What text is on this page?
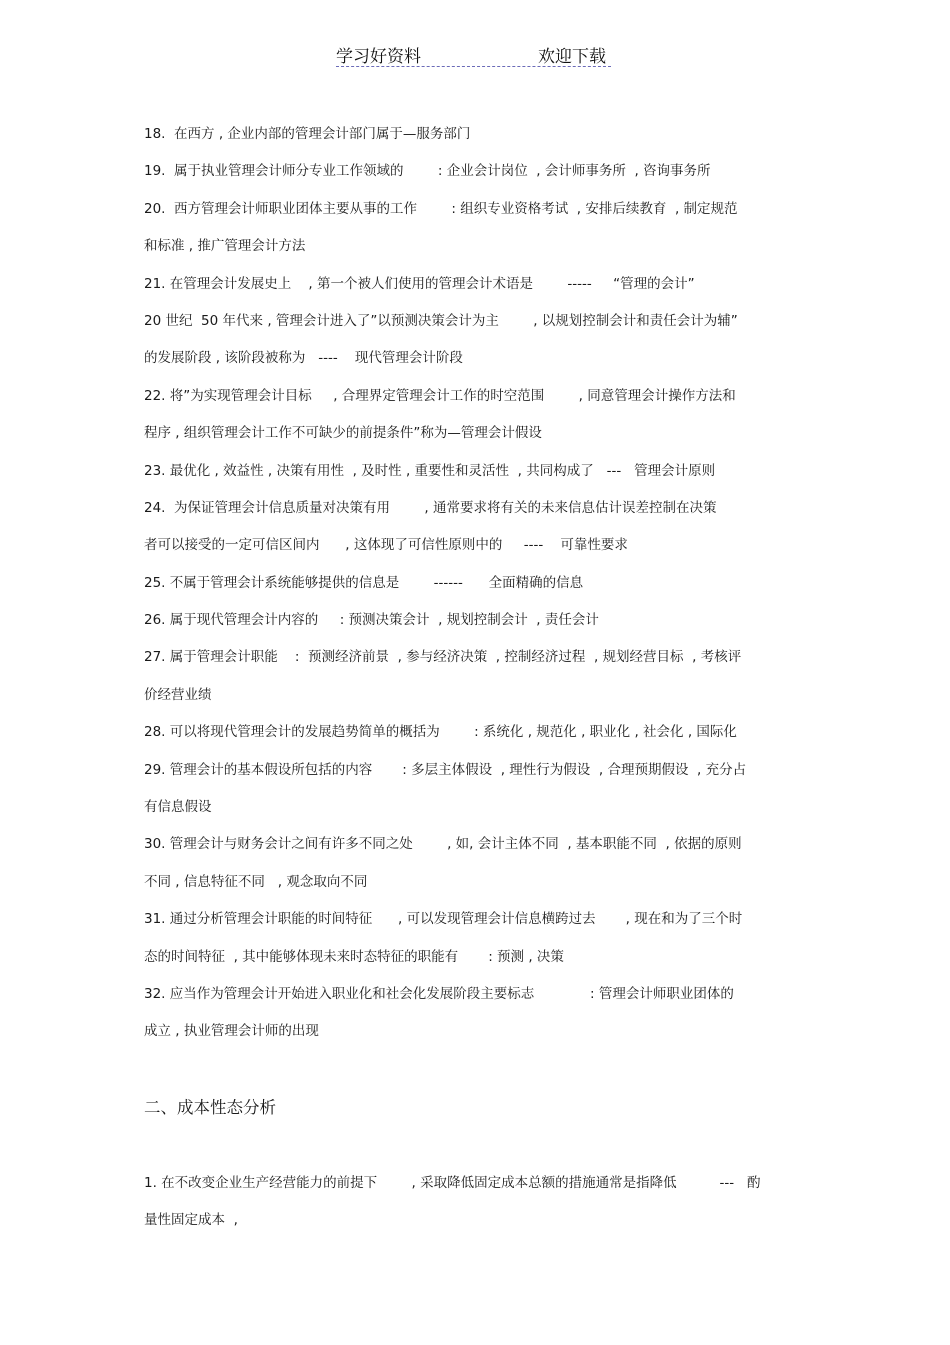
学习好资料	欢迎下载
18.  在西方 , 企业内部的管理会计部门属于—服务部门
19.  属于执业管理会计师分专业工作领域的        : 企业会计岗位  , 会计师事务所  , 咨询事务所
20.  西方管理会计师职业团体主要从事的工作        : 组织专业资格考试  , 安排后续教育  , 制定规范
和标准 , 推广管理会计方法
21. 在管理会计发展史上    , 第一个被人们使用的管理会计术语是        -----     “管理的会计”
20 世纪  50 年代来 , 管理会计进入了”以预测决策会计为主        , 以规划控制会计和责任会计为辅”
的发展阶段 , 该阶段被称为   ----    现代管理会计阶段
22. 将”为实现管理会计目标     , 合理界定管理会计工作的时空范围        , 同意管理会计操作方法和
程序 , 组织管理会计工作不可缺少的前提条件”称为—管理会计假设
23. 最优化 , 效益性 , 决策有用性  , 及时性 , 重要性和灵活性  , 共同构成了   ---   管理会计原则
24.  为保证管理会计信息质量对决策有用        , 通常要求将有关的未来信息估计误差控制在决策
者可以接受的一定可信区间内      , 这体现了可信性原则中的     ----    可靠性要求
25. 不属于管理会计系统能够提供的信息是        ------      全面精确的信息
26. 属于现代管理会计内容的     : 预测决策会计  , 规划控制会计  , 责任会计
27. 属于管理会计职能    :  预测经济前景  , 参与经济决策  , 控制经济过程  , 规划经营目标  , 考核评
价经营业绩
28. 可以将现代管理会计的发展趋势简单的概括为        : 系统化 , 规范化 , 职业化 , 社会化 , 国际化
29. 管理会计的基本假设所包括的内容       : 多层主体假设  , 理性行为假设  , 合理预期假设  , 充分占
有信息假设
30. 管理会计与财务会计之间有许多不同之处        , 如, 会计主体不同  , 基本职能不同  , 依据的原则
不同 , 信息特征不同   , 观念取向不同
31. 通过分析管理会计职能的时间特征      , 可以发现管理会计信息横跨过去       , 现在和为了三个时
态的时间特征  , 其中能够体现未来时态特征的职能有       : 预测 , 决策
32. 应当作为管理会计开始进入职业化和社会化发展阶段主要标志             : 管理会计师职业团体的
成立 , 执业管理会计师的出现
二、成本性态分析
1. 在不改变企业生产经营能力的前提下        , 采取降低固定成本总额的措施通常是指降低          ---   酌
量性固定成本  ,
